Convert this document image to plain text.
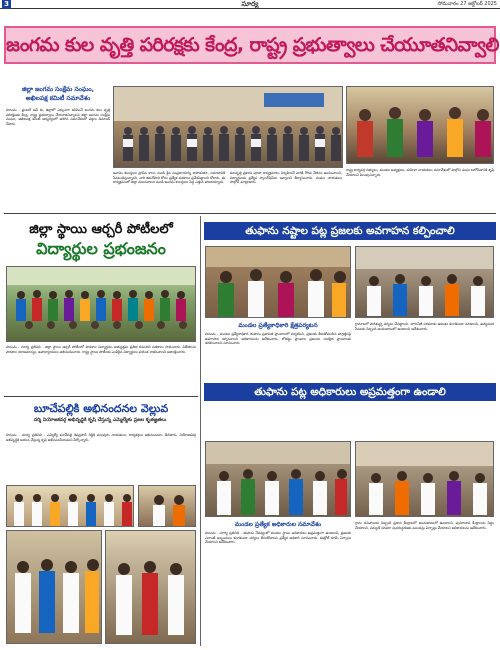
3	సూర్య	సోమవారం 27 అక్టోబర్ 2025
జంగమ కుల వృత్తి పరిరక్షకు కేంద్ర, రాష్ట్ర ప్రభుత్వాలు చేయూతనివ్వాలి
జిల్లా జంగమ సంక్షేమ సంఘం,
అఖిలపక్ష కమిటీ సమావేశం
హనుమ - ఫ్రంటల్ ఆఫ్ కు, జిల్లాలో ఎక్కువగా కనిపించే జంగమ కుల వృత్తి పరిరక్షణకు కేంద్ర, రాష్ట్ర ప్రభుత్వాలు చేయూతనివ్వాలని జిల్లా జంగమ సంక్షేమ సంఘం, అఖిలపక్ష కమిటీ ఆధ్వర్యంలో జరిగిన సమావేశంలో వక్తలు డిమాండ్ చేశారు.
జంగమ కులస్తులు ప్రాచీన కాలం నుండి శైవ సంప్రదాయాన్ని కాపాడుతూ, సమాజానికి సేవలందిస్తున్నారని, వారి జీవనోపాధి కోసం ప్రత్యేక పథకాలు ప్రవేశపెట్టాలని కోరారు. ఈ కార్యక్రమంలో జిల్లా నలుమూలల నుండి జంగమ కులస్తులు పెద్ద ఎత్తున హాజరయ్యారు.
కులవృత్తి ప్రకారం పూజా కార్యక్రమాలు నిర్వహించే వారికి గౌరవ వేతనం అందించాలని, విద్యార్థులకు ప్రత్యేక స్కాలర్‌షిప్‌లు ఇవ్వాలని తీర్మానించారు. సంఘం నాయకులు పాల్గొని మాట్లాడారు.
రాష్ట్ర కార్యవర్గ సభ్యులు, మండల అధ్యక్షులు, మహిళా నాయకులు సమావేశంలో పాల్గొని సంఘ బలోపేతానికి కృషి చేయాలని పిలుపునిచ్చారు.
జిల్లా స్థాయి ఆర్చరీ పోటీలలో
విద్యార్థుల ప్రభంజనం
హనుమ - సూర్య ప్రతినిధి - జిల్లా స్థాయి ఆర్చరీ పోటీలలో పాఠశాల విద్యార్థులు అత్యుత్తమ ప్రతిభ కనబరిచి పతకాలు సాధించారు. విజేతలను పాఠశాల యాజమాన్యం, ఉపాధ్యాయులు అభినందించారు. రాష్ట్ర స్థాయి పోటీలకు ఎంపికైన విద్యార్థులు మరింత రాణించాలని ఆకాంక్షించారు.
బూచేపల్లికి అభినందనల వెల్లువ
దర్శి నియోజకవర్గ అభివృద్ధికి కృషి చేస్తున్న ఎమ్మెల్యేకు ప్రజల కృతజ్ఞతలు
హనుమ - సూర్య ప్రతినిధి - ఎమ్మెల్యే బూచేపల్లి శివప్రసాద్ రెడ్డికి పలువురు నాయకులు, కార్యకర్తలు అభినందనలు తెలిపారు. నియోజకవర్గ అభివృద్ధికి ఆయన చేస్తున్న కృషి అభినందనీయమని పేర్కొన్నారు.
తుఫాను నష్టాల పట్ల ప్రజలకు అవగాహన కల్పించాలి
మండల ప్రత్యేకాధికారి క్షేత్రపర్యటన
హనుమ - మండల ప్రత్యేకాధికారి తుఫాను ప్రభావిత ప్రాంతాలలో పర్యటించి, ప్రజలకు తీసుకోవలసిన జాగ్రత్తలపై అవగాహన కల్పించాలని అధికారులను ఆదేశించారు. లోతట్టు ప్రాంతాల ప్రజలను సురక్షిత ప్రాంతాలకు తరలించాలని సూచించారు.
గ్రామాలలో పారిశుద్ధ్య చర్యలు చేపట్టాలని, తాగునీటి సరఫరాకు ఆటంకం కలగకుండా చూడాలని, అత్యవసర సేవలకు సిబ్బంది అందుబాటులో ఉండాలని ఆదేశించారు.
తుఫాను పట్ల అధికారులు అప్రమత్తంగా ఉండాలి
మండల ప్రత్యేక అధికారుల సమావేశం
హనుమ - సూర్య ప్రతినిధి - తుఫాను నేపథ్యంలో మండల స్థాయి అధికారులు అప్రమత్తంగా ఉండాలని, ప్రజలకు ఎలాంటి ఇబ్బందులు కలగకుండా చర్యలు తీసుకోవాలని ప్రత్యేక అధికారి సూచించారు. కంట్రోల్ రూమ్ ఏర్పాటు చేయాలని ఆదేశించారు.
గ్రామ సచివాలయ సిబ్బంది ప్రధాన కేంద్రాలలో అందుబాటులో ఉండాలని, పునరావాస కేంద్రాలను సిద్ధం చేయాలని, విద్యుత్ సరఫరా పునరుద్ధరణకు ముందస్తు ఏర్పాట్లు చేయాలని అధికారులను ఆదేశించారు.
